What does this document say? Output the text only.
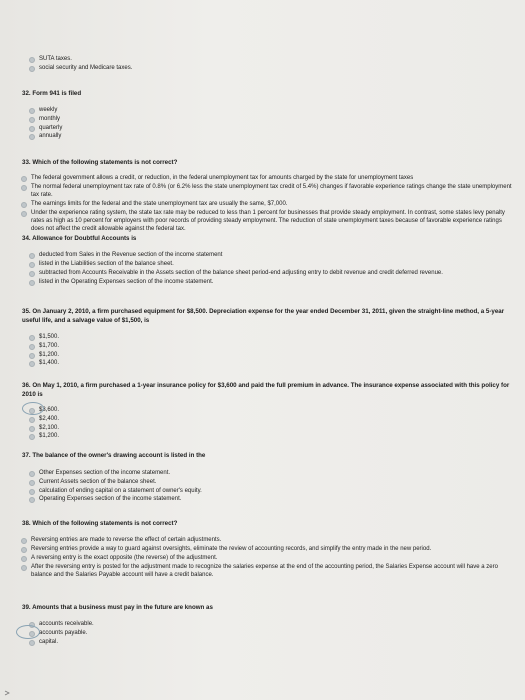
SUTA taxes.
social security and Medicare taxes.
32. Form 941 is filed
weekly
monthly
quarterly
annually
33. Which of the following statements is not correct?
The federal government allows a credit, or reduction, in the federal unemployment tax for amounts charged by the state for unemployment taxes
The normal federal unemployment tax rate of 0.8% (or 6.2% less the state unemployment tax credit of 5.4%) changes if favorable experience ratings change the state unemployment tax rate.
The earnings limits for the federal and the state unemployment tax are usually the same, $7,000.
Under the experience rating system, the state tax rate may be reduced to less than 1 percent for businesses that provide steady employment. In contrast, some states levy penalty rates as high as 10 percent for employers with poor records of providing steady employment. The reduction of state unemployment taxes because of favorable experience ratings does not affect the credit allowable against the federal tax.
34. Allowance for Doubtful Accounts is
deducted from Sales in the Revenue section of the income statement
listed in the Liabilities section of the balance sheet.
subtracted from Accounts Receivable in the Assets section of the balance sheet period-end adjusting entry to debit revenue and credit deferred revenue.
listed in the Operating Expenses section of the income statement.
35. On January 2, 2010, a firm purchased equipment for $8,500. Depreciation expense for the year ended December 31, 2011, given the straight-line method, a 5-year useful life, and a salvage value of $1,500, is
$1,500.
$1,700.
$1,200.
$1,400.
36. On May 1, 2010, a firm purchased a 1-year insurance policy for $3,600 and paid the full premium in advance. The insurance expense associated with this policy for 2010 is
$3,600.
$2,400.
$2,100.
$1,200.
37. The balance of the owner's drawing account is listed in the
Other Expenses section of the income statement.
Current Assets section of the balance sheet.
calculation of ending capital on a statement of owner's equity.
Operating Expenses section of the income statement.
38. Which of the following statements is not correct?
Reversing entries are made to reverse the effect of certain adjustments.
Reversing entries provide a way to guard against oversights, eliminate the review of accounting records, and simplify the entry made in the new period.
A reversing entry is the exact opposite (the reverse) of the adjustment.
After the reversing entry is posted for the adjustment made to recognize the salaries expense at the end of the accounting period, the Salaries Expense account will have a zero balance and the Salaries Payable account will have a credit balance.
39. Amounts that a business must pay in the future are known as
accounts receivable.
accounts payable.
capital.
